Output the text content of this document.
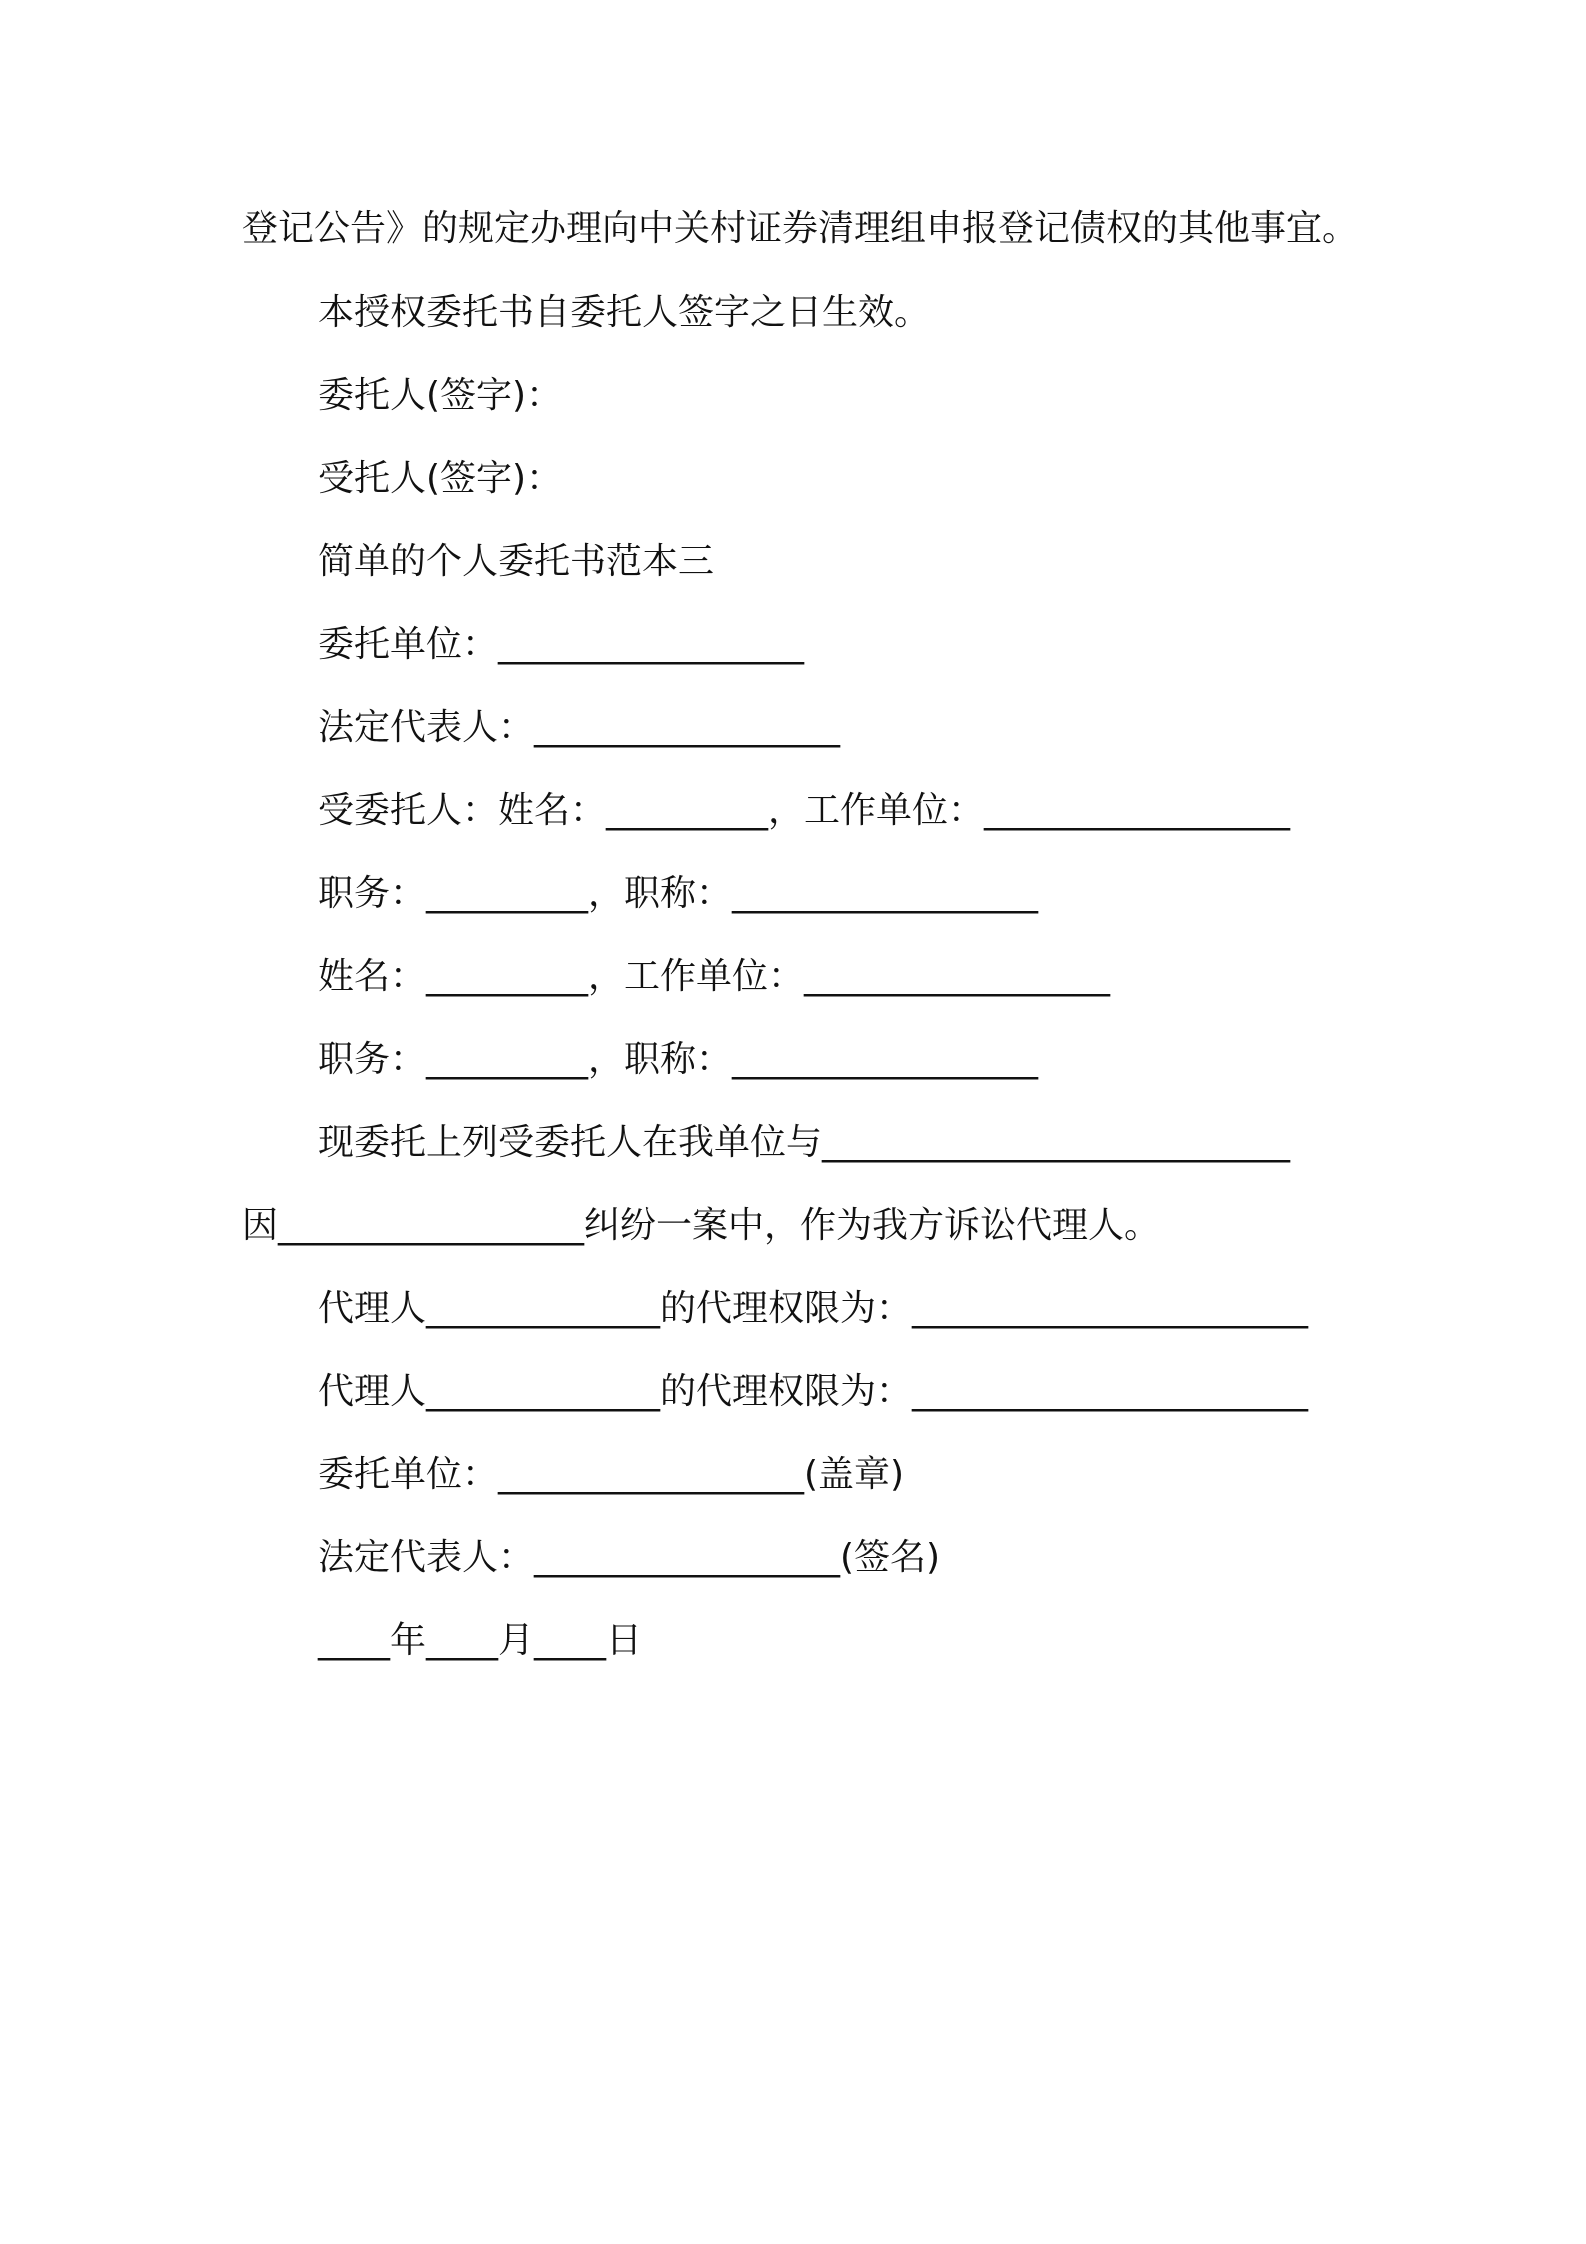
登记公告》的规定办理向中关村证券清理组申报登记债权的其他事宜。
本授权委托书自委托人签字之日生效。
委托人(签字)：
受托人(签字)：
简单的个人委托书范本三
委托单位：_________________
法定代表人：_________________
受委托人：姓名：_________，工作单位：_________________
职务：_________，职称：_________________
姓名：_________，工作单位：_________________
职务：_________，职称：_________________
现委托上列受委托人在我单位与__________________________
因_________________纠纷一案中，作为我方诉讼代理人。
代理人_____________的代理权限为：______________________
代理人_____________的代理权限为：______________________
委托单位：_________________(盖章)
法定代表人：_________________(签名)
____年____月____日
